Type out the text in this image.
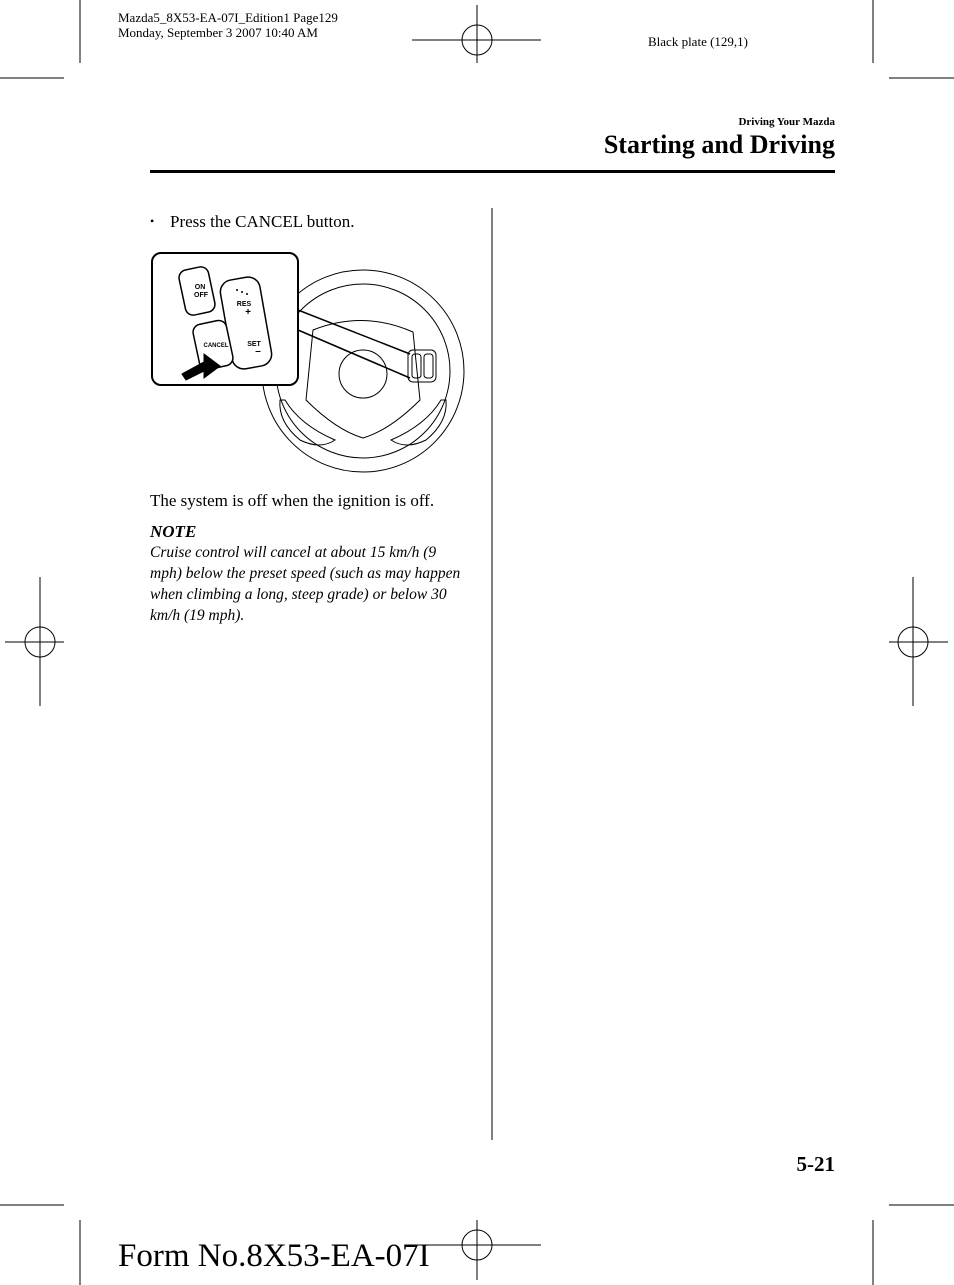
Mazda5_8X53-EA-07I_Edition1 Page129
Monday, September 3 2007 10:40 AM
Black plate (129,1)
Driving Your Mazda
Starting and Driving
• Press the CANCEL button.
ON
OFF
RES
+
SET
–
CANCEL
The system is off when the ignition is off.
NOTE
Cruise control will cancel at about 15 km/h (9 mph) below the preset speed (such as may happen when climbing a long, steep grade) or below 30 km/h (19 mph).
5-21
Form No.8X53-EA-07I
